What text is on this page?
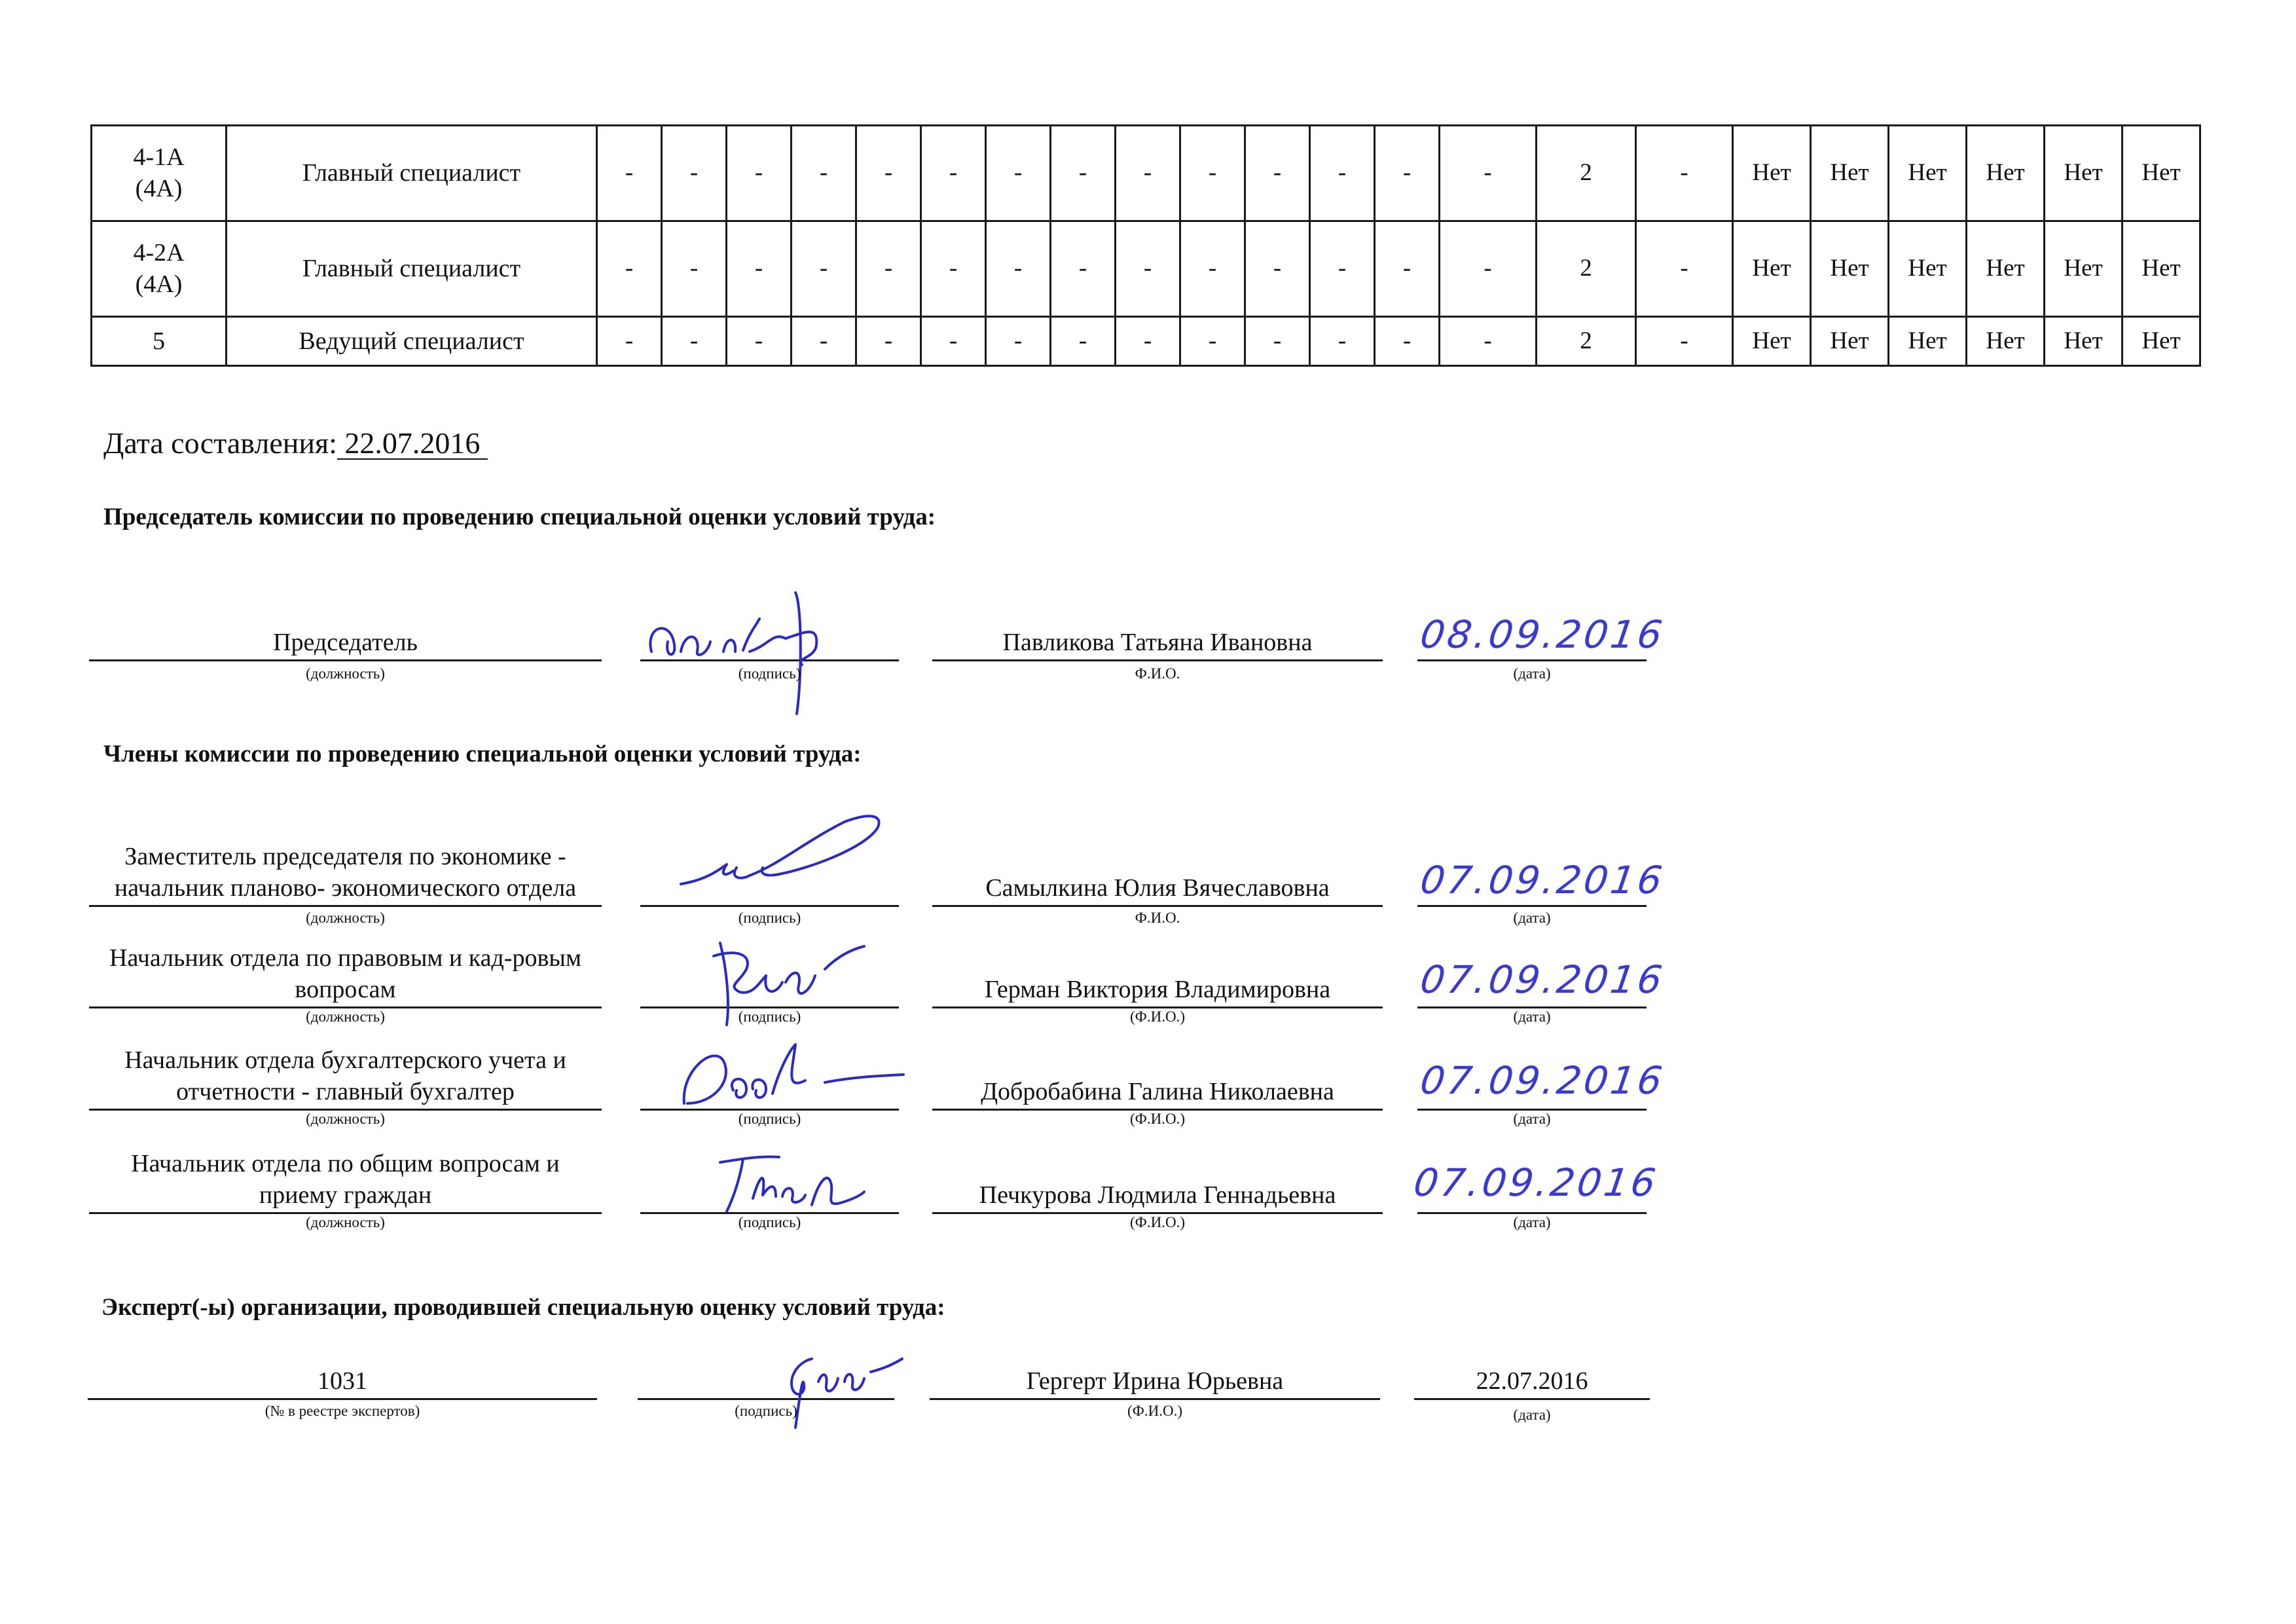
4-1А
(4А)	Главный специалист	-	-	-	-	-	-	-	-	-	-	-	-	-	-	2	-	Нет	Нет	Нет	Нет	Нет	Нет
4-2А
(4А)	Главный специалист	-	-	-	-	-	-	-	-	-	-	-	-	-	-	2	-	Нет	Нет	Нет	Нет	Нет	Нет
5	Ведущий специалист	-	-	-	-	-	-	-	-	-	-	-	-	-	-	2	-	Нет	Нет	Нет	Нет	Нет	Нет
Дата составления: 22.07.2016
Председатель комиссии по проведению специальной оценки условий труда:
Председатель
(должность)	(подпись)
Павликова Татьяна Ивановна
Ф.И.О.
08.09.2016
(дата)
Члены комиссии по проведению специальной оценки условий труда:
Заместитель председателя по экономике - начальник планово- экономического отдела
(должность)	(подпись)
Самылкина Юлия Вячеславовна
Ф.И.О.
07.09.2016
(дата)
Начальник отдела по правовым и кад-ровым вопросам
(должность)	(подпись)
Герман Виктория Владимировна
(Ф.И.О.)
07.09.2016
(дата)
Начальник отдела бухгалтерского учета и отчетности - главный бухгалтер
(должность)	(подпись)
Добробабина Галина Николаевна
(Ф.И.О.)
07.09.2016
(дата)
Начальник отдела по общим вопросам и приему граждан
(должность)	(подпись)
Печкурова Людмила Геннадьевна
(Ф.И.О.)
07.09.2016
(дата)
Эксперт(-ы) организации, проводившей специальную оценку условий труда:
1031
(№ в реестре экспертов)	(подпись)
Гергерт Ирина Юрьевна
(Ф.И.О.)
22.07.2016
(дата)
